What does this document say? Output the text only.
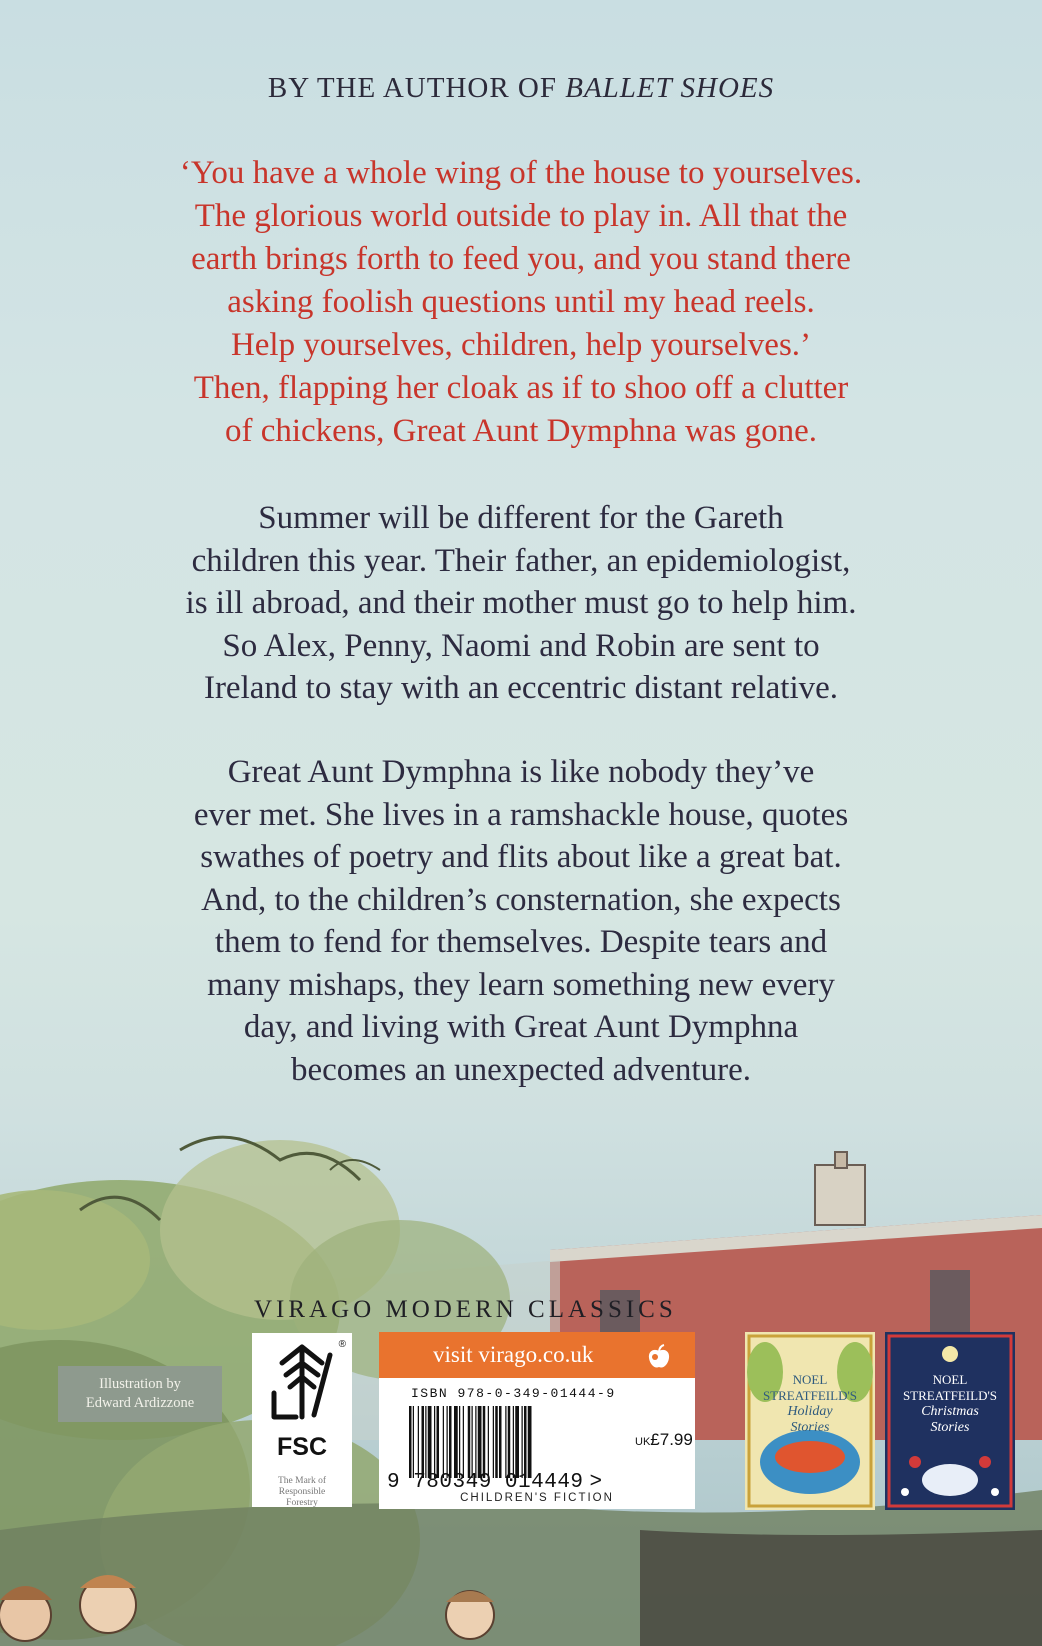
BY THE AUTHOR OF BALLET SHOES
‘You have a whole wing of the house to yourselves.
The glorious world outside to play in. All that the
earth brings forth to feed you, and you stand there
asking foolish questions until my head reels.
Help yourselves, children, help yourselves.’
Then, flapping her cloak as if to shoo off a clutter
of chickens, Great Aunt Dymphna was gone.
Summer will be different for the Gareth
children this year. Their father, an epidemiologist,
is ill abroad, and their mother must go to help him.
So Alex, Penny, Naomi and Robin are sent to
Ireland to stay with an eccentric distant relative.
Great Aunt Dymphna is like nobody they’ve
ever met. She lives in a ramshackle house, quotes
swathes of poetry and flits about like a great bat.
And, to the children’s consternation, she expects
them to fend for themselves. Despite tears and
many mishaps, they learn something new every
day, and living with Great Aunt Dymphna
becomes an unexpected adventure.
VIRAGO MODERN CLASSICS
Illustration by
Edward Ardizzone
®
FSC
The Mark of
Responsible
Forestry
visit virago.co.uk
ISBN 978-0-349-01444-9
9 780349 014449 >
UK£7.99
CHILDREN'S FICTION
NOEL
STREATFEILD'S
Holiday
Stories
NOEL
STREATFEILD'S
Christmas
Stories
